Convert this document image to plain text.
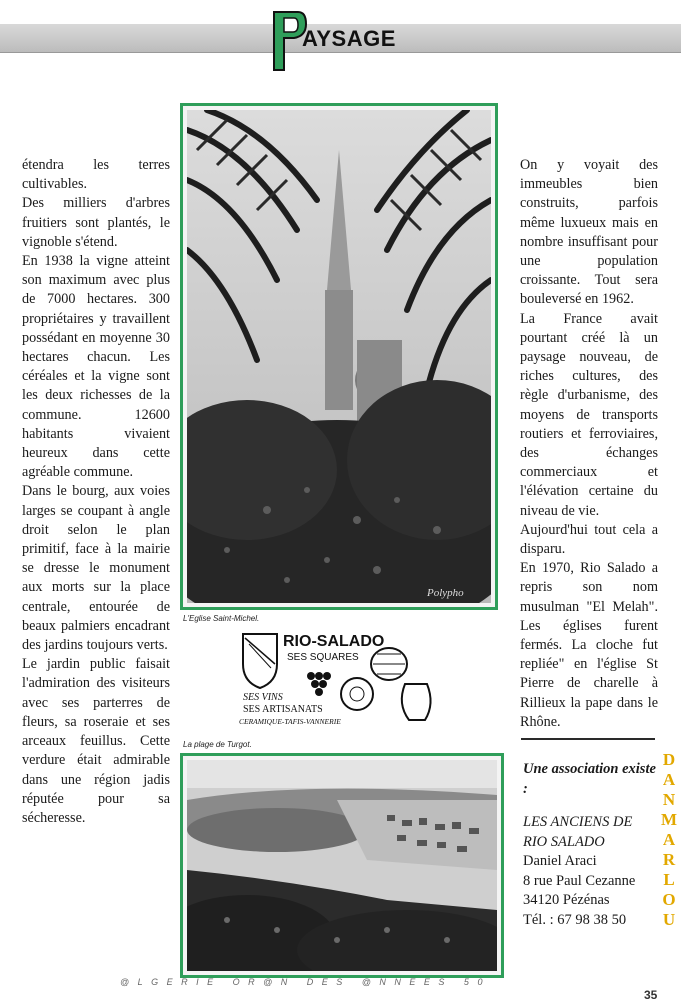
AYSAGE

étendra les terres cultivables.

Des milliers d'arbres fruitiers sont plantés, le vignoble s'étend.

En 1938 la vigne atteint son maximum avec plus de 7000 hectares. 300 propriétaires y travaillent possédant en moyenne 30 hectares chacun. Les céréales et la vigne sont les deux richesses de la commune. 12600 habitants vivaient heureux dans cette agréable commune.

Dans le bourg, aux voies larges se coupant à angle droit selon le plan primitif, face à la mairie se dresse le monument aux morts sur la place centrale, entourée de beaux palmiers encadrant des jardins toujours verts.

Le jardin public faisait l'admiration des visiteurs avec ses parterres de fleurs, sa roseraie et ses arceaux feuillus. Cette verdure était admirable dans une région jadis réputée pour sa sécheresse.

Polypho
L'Eglise Saint-Michel.
RIO-SALADO
SES SQUARES
SES VINS
SES ARTISANATS
CERAMIQUE-TAFIS-VANNERIE
La plage de Turgot.

On y voyait des immeubles bien construits, parfois même luxueux mais en nombre insuffisant pour une population croissante. Tout sera bouleversé en 1962.

La France avait pourtant créé là un paysage nouveau, de riches cultures, des règle d'urbanisme, des moyens de transports routiers et ferroviaires, des échanges commerciaux et l'élévation certaine du niveau de vie.

Aujourd'hui tout cela a disparu.

En 1970, Rio Salado a repris son nom musulman "El Melah". Les églises furent fermés. La cloche fut repliée" en l'église St Pierre de charelle à Rillieux la pape dans le Rhône.

Une association existe :
LES ANCIENS DE
RIO SALADO
Daniel Araci
8 rue Paul Cezanne
34120 Pézénas
Tél. : 67 98 38 50
D
A
N
M
A
R
L
O
U
@LGERIE OR@N DES @NNEES 50
35
